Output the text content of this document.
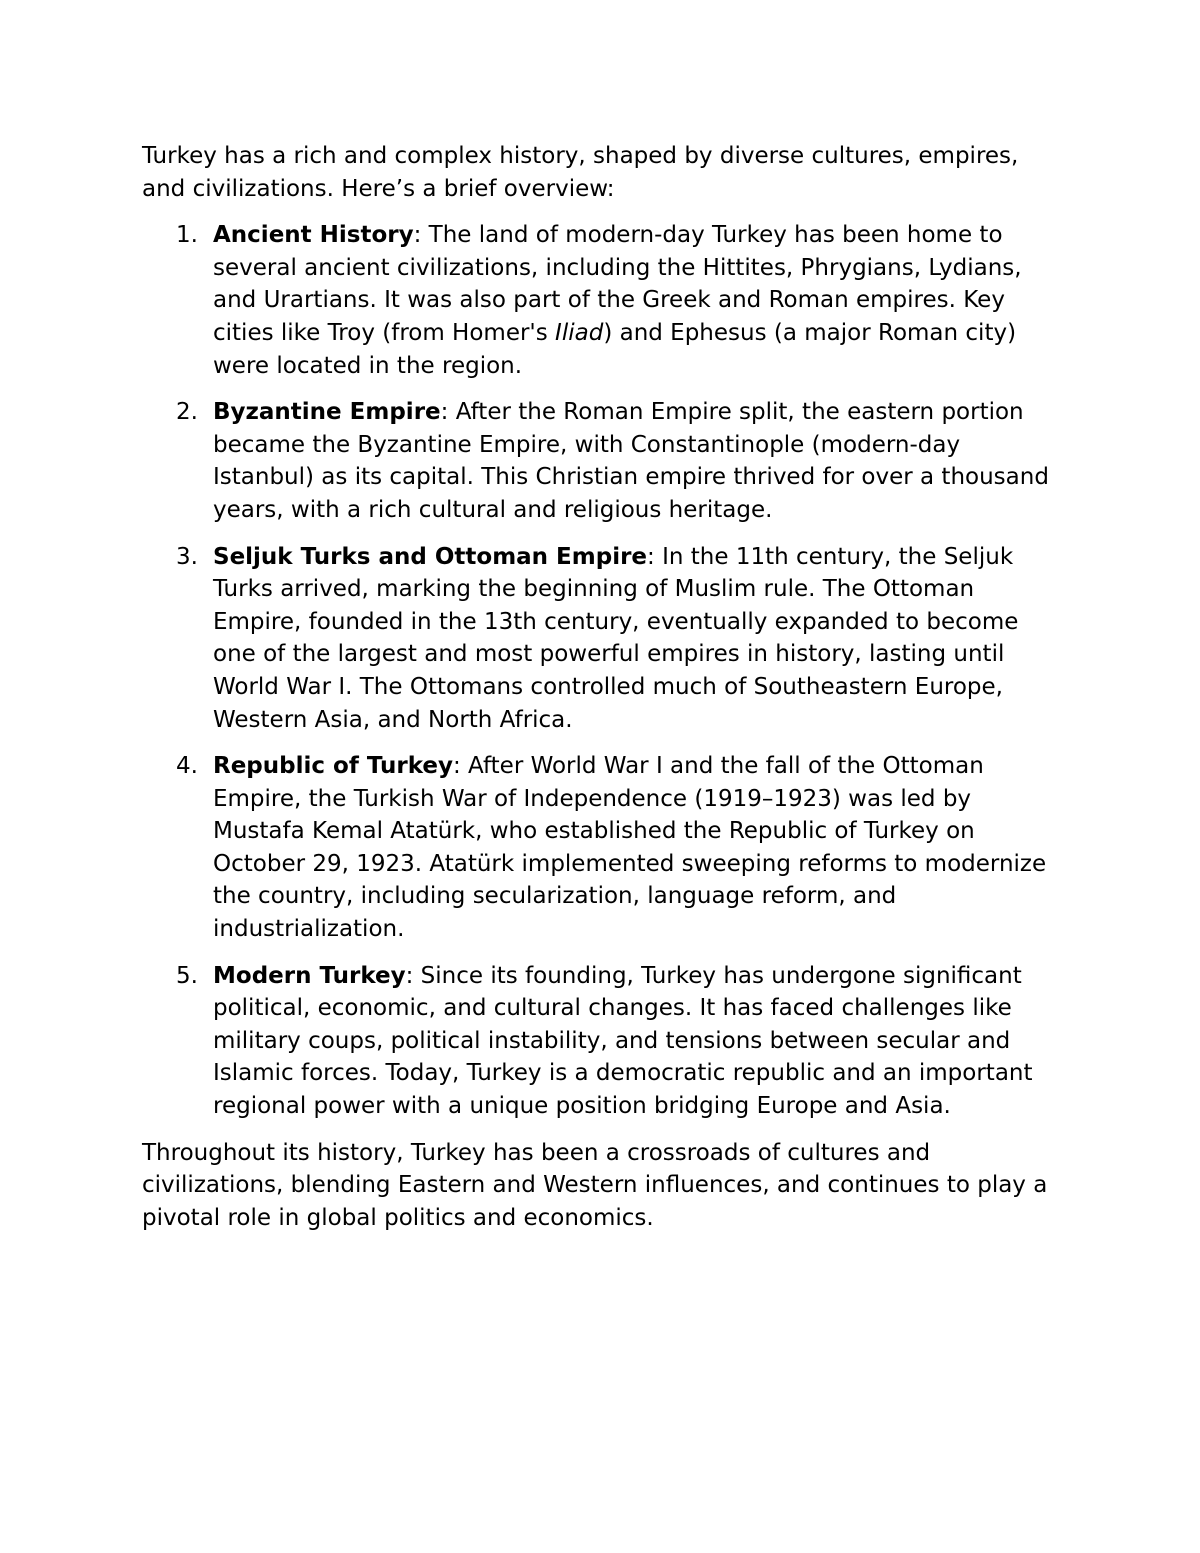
Turkey has a rich and complex history, shaped by diverse cultures, empires, and civilizations. Here’s a brief overview:

1. Ancient History: The land of modern-day Turkey has been home to several ancient civilizations, including the Hittites, Phrygians, Lydians, and Urartians. It was also part of the Greek and Roman empires. Key cities like Troy (from Homer's Iliad) and Ephesus (a major Roman city) were located in the region.
2. Byzantine Empire: After the Roman Empire split, the eastern portion became the Byzantine Empire, with Constantinople (modern-day Istanbul) as its capital. This Christian empire thrived for over a thousand years, with a rich cultural and religious heritage.
3. Seljuk Turks and Ottoman Empire: In the 11th century, the Seljuk Turks arrived, marking the beginning of Muslim rule. The Ottoman Empire, founded in the 13th century, eventually expanded to become one of the largest and most powerful empires in history, lasting until World War I. The Ottomans controlled much of Southeastern Europe, Western Asia, and North Africa.
4. Republic of Turkey: After World War I and the fall of the Ottoman Empire, the Turkish War of Independence (1919–1923) was led by Mustafa Kemal Atatürk, who established the Republic of Turkey on October 29, 1923. Atatürk implemented sweeping reforms to modernize the country, including secularization, language reform, and industrialization.
5. Modern Turkey: Since its founding, Turkey has undergone significant political, economic, and cultural changes. It has faced challenges like military coups, political instability, and tensions between secular and Islamic forces. Today, Turkey is a democratic republic and an important regional power with a unique position bridging Europe and Asia.

Throughout its history, Turkey has been a crossroads of cultures and civilizations, blending Eastern and Western influences, and continues to play a pivotal role in global politics and economics.
